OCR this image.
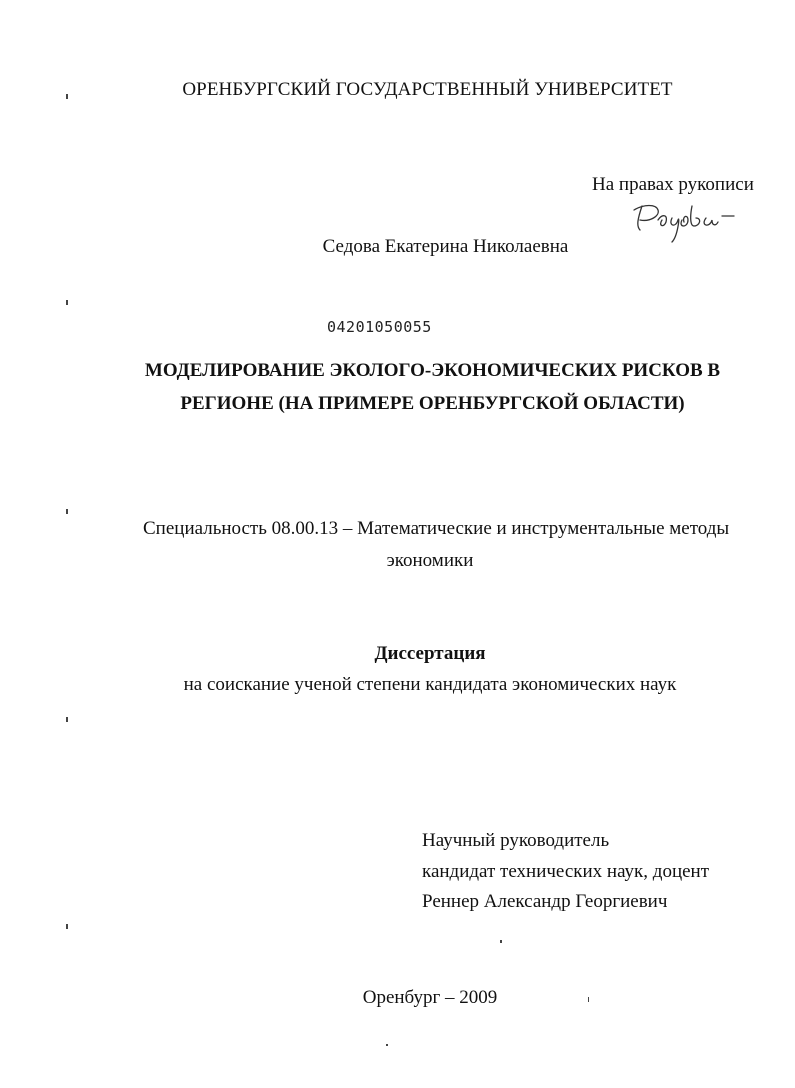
ОРЕНБУРГСКИЙ ГОСУДАРСТВЕННЫЙ УНИВЕРСИТЕТ
На правах рукописи
Седова Екатерина Николаевна
04201050055
МОДЕЛИРОВАНИЕ ЭКОЛОГО-ЭКОНОМИЧЕСКИХ РИСКОВ В
РЕГИОНЕ (НА ПРИМЕРЕ ОРЕНБУРГСКОЙ ОБЛАСТИ)
Специальность 08.00.13 – Математические и инструментальные методы
экономики
Диссертация
на соискание ученой степени кандидата экономических наук
Научный руководитель
кандидат технических наук, доцент
Реннер Александр Георгиевич
Оренбург – 2009
